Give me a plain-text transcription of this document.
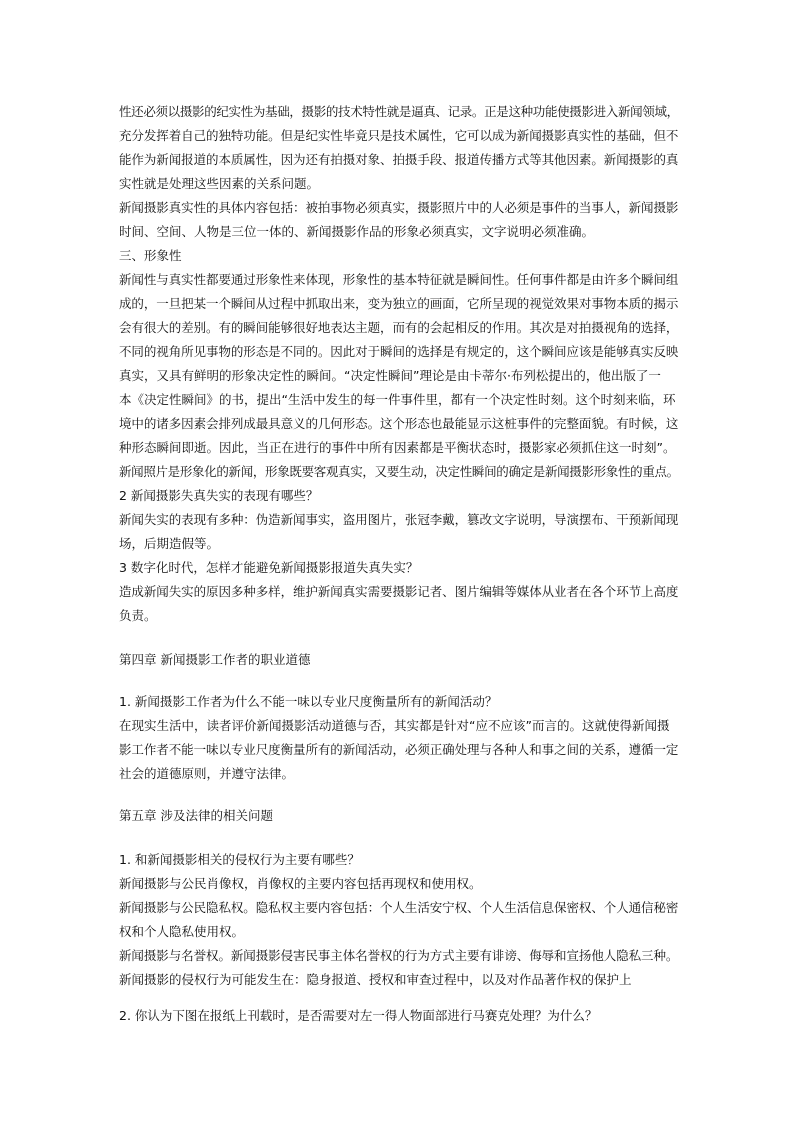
性还必须以摄影的纪实性为基础，摄影的技术特性就是逼真、记录。正是这种功能使摄影进入新闻领域，
充分发挥着自己的独特功能。但是纪实性毕竟只是技术属性，它可以成为新闻摄影真实性的基础，但不
能作为新闻报道的本质属性，因为还有拍摄对象、拍摄手段、报道传播方式等其他因素。新闻摄影的真
实性就是处理这些因素的关系问题。
新闻摄影真实性的具体内容包括：被拍事物必须真实，摄影照片中的人必须是事件的当事人，新闻摄影
时间、空间、人物是三位一体的、新闻摄影作品的形象必须真实，文字说明必须准确。
三、形象性
新闻性与真实性都要通过形象性来体现，形象性的基本特征就是瞬间性。任何事件都是由许多个瞬间组
成的，一旦把某一个瞬间从过程中抓取出来，变为独立的画面，它所呈现的视觉效果对事物本质的揭示
会有很大的差别。有的瞬间能够很好地表达主题，而有的会起相反的作用。其次是对拍摄视角的选择，
不同的视角所见事物的形态是不同的。因此对于瞬间的选择是有规定的，这个瞬间应该是能够真实反映
真实，又具有鲜明的形象决定性的瞬间。“决定性瞬间”理论是由卡蒂尔·布列松提出的，他出版了一
本《决定性瞬间》的书，提出“生活中发生的每一件事件里，都有一个决定性时刻。这个时刻来临，环
境中的诸多因素会排列成最具意义的几何形态。这个形态也最能显示这桩事件的完整面貌。有时候，这
种形态瞬间即逝。因此，当正在进行的事件中所有因素都是平衡状态时，摄影家必须抓住这一时刻”。
新闻照片是形象化的新闻，形象既要客观真实，又要生动，决定性瞬间的确定是新闻摄影形象性的重点。
2 新闻摄影失真失实的表现有哪些？
新闻失实的表现有多种：伪造新闻事实，盗用图片，张冠李戴，篡改文字说明，导演摆布、干预新闻现
场，后期造假等。
3 数字化时代，怎样才能避免新闻摄影报道失真失实？
造成新闻失实的原因多种多样，维护新闻真实需要摄影记者、图片编辑等媒体从业者在各个环节上高度
负责。
第四章 新闻摄影工作者的职业道德
1. 新闻摄影工作者为什么不能一味以专业尺度衡量所有的新闻活动？
在现实生活中，读者评价新闻摄影活动道德与否，其实都是针对“应不应该”而言的。这就使得新闻摄
影工作者不能一味以专业尺度衡量所有的新闻活动，必须正确处理与各种人和事之间的关系，遵循一定
社会的道德原则，并遵守法律。
第五章 涉及法律的相关问题
1. 和新闻摄影相关的侵权行为主要有哪些？
新闻摄影与公民肖像权，肖像权的主要内容包括再现权和使用权。
新闻摄影与公民隐私权。隐私权主要内容包括：个人生活安宁权、个人生活信息保密权、个人通信秘密
权和个人隐私使用权。
新闻摄影与名誉权。新闻摄影侵害民事主体名誉权的行为方式主要有诽谤、侮辱和宣扬他人隐私三种。
新闻摄影的侵权行为可能发生在：隐身报道、授权和审查过程中，以及对作品著作权的保护上
2. 你认为下图在报纸上刊载时，是否需要对左一得人物面部进行马赛克处理？为什么？
